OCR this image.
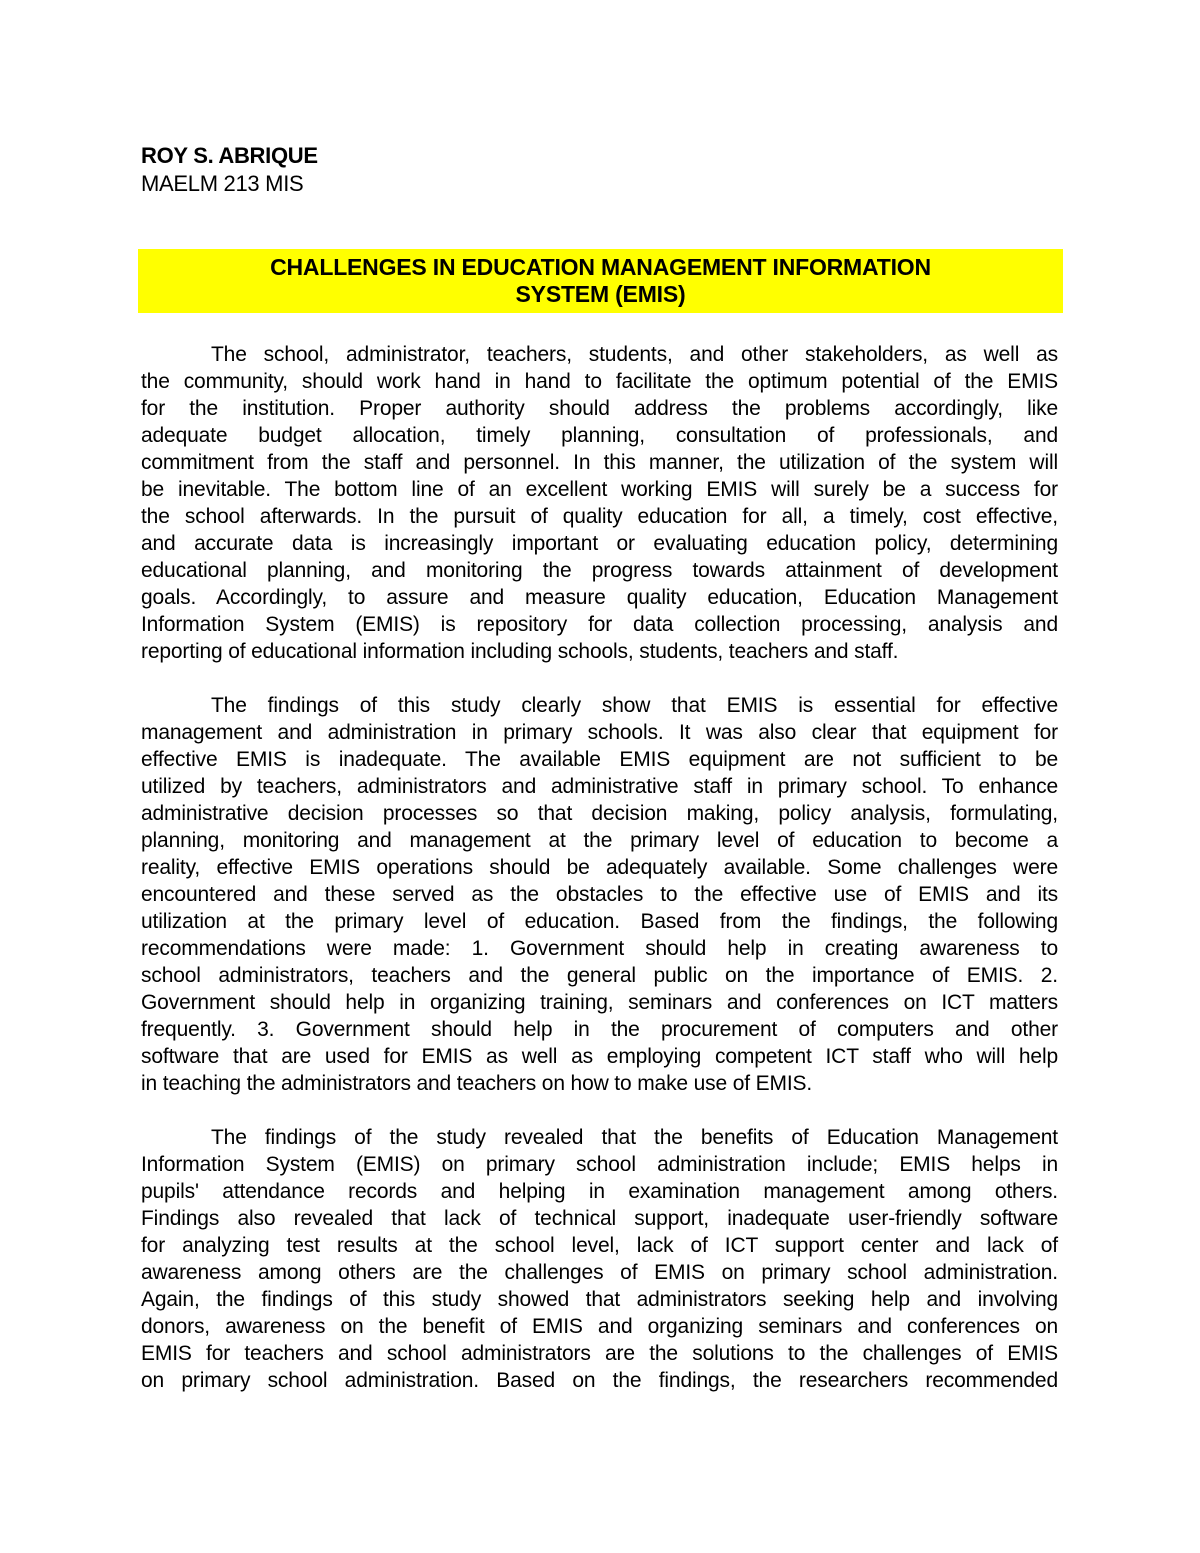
ROY S. ABRIQUE
MAELM 213 MIS
CHALLENGES IN EDUCATION MANAGEMENT INFORMATION
SYSTEM (EMIS)
The school, administrator, teachers, students, and other stakeholders, as well as
the community, should work hand in hand to facilitate the optimum potential of the EMIS
for the institution. Proper authority should address the problems accordingly, like
adequate budget allocation, timely planning, consultation of professionals, and
commitment from the staff and personnel. In this manner, the utilization of the system will
be inevitable. The bottom line of an excellent working EMIS will surely be a success for
the school afterwards. In the pursuit of quality education for all, a timely, cost effective,
and accurate data is increasingly important or evaluating education policy, determining
educational planning, and monitoring the progress towards attainment of development
goals. Accordingly, to assure and measure quality education, Education Management
Information System (EMIS) is repository for data collection processing, analysis and
reporting of educational information including schools, students, teachers and staff.
The findings of this study clearly show that EMIS is essential for effective
management and administration in primary schools. It was also clear that equipment for
effective EMIS is inadequate. The available EMIS equipment are not sufficient to be
utilized by teachers, administrators and administrative staff in primary school. To enhance
administrative decision processes so that decision making, policy analysis, formulating,
planning, monitoring and management at the primary level of education to become a
reality, effective EMIS operations should be adequately available. Some challenges were
encountered and these served as the obstacles to the effective use of EMIS and its
utilization at the primary level of education. Based from the findings, the following
recommendations were made: 1. Government should help in creating awareness to
school administrators, teachers and the general public on the importance of EMIS. 2.
Government should help in organizing training, seminars and conferences on ICT matters
frequently. 3. Government should help in the procurement of computers and other
software that are used for EMIS as well as employing competent ICT staff who will help
in teaching the administrators and teachers on how to make use of EMIS.
The findings of the study revealed that the benefits of Education Management
Information System (EMIS) on primary school administration include; EMIS helps in
pupils' attendance records and helping in examination management among others.
Findings also revealed that lack of technical support, inadequate user-friendly software
for analyzing test results at the school level, lack of ICT support center and lack of
awareness among others are the challenges of EMIS on primary school administration.
Again, the findings of this study showed that administrators seeking help and involving
donors, awareness on the benefit of EMIS and organizing seminars and conferences on
EMIS for teachers and school administrators are the solutions to the challenges of EMIS
on primary school administration. Based on the findings, the researchers recommended
